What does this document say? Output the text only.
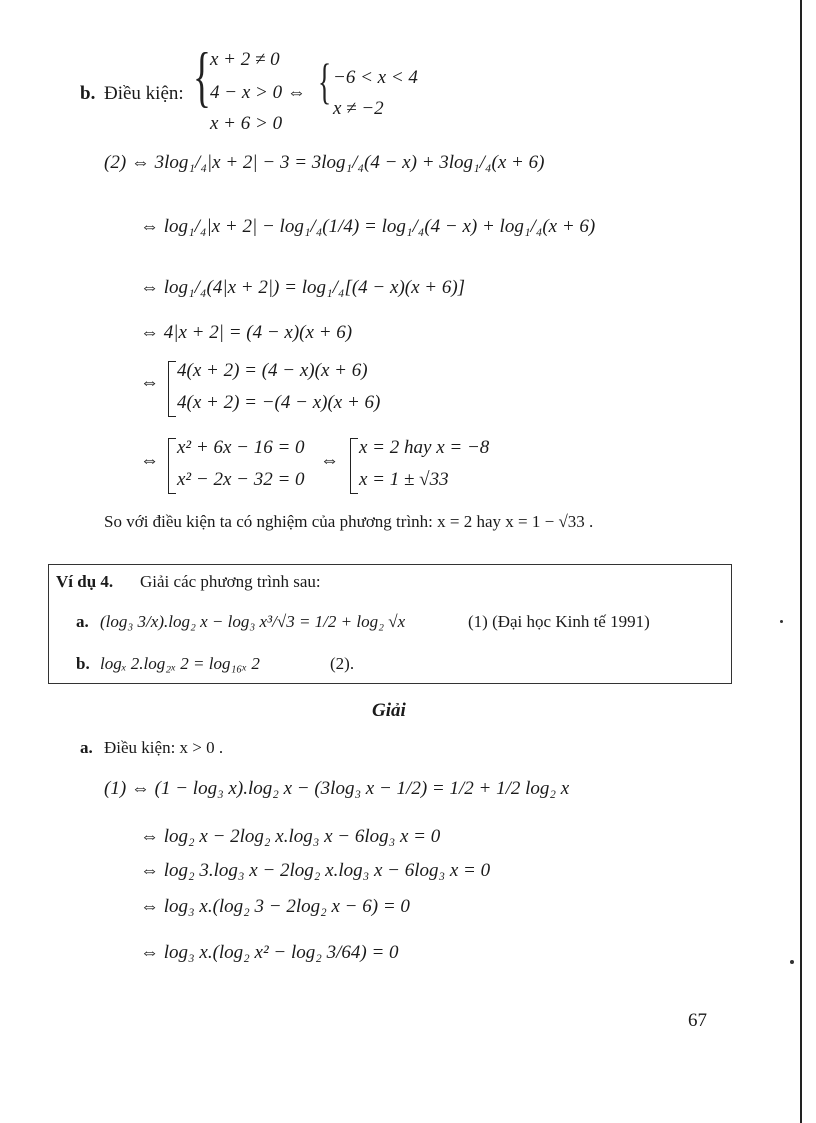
b. Điều kiện: { x + 2 ≠ 0
4 − x > 0 ⇔
x + 6 > 0
{ −6 < x < 4
x ≠ −2
(2) ⇔ 3log₁/₄|x + 2| − 3 = 3log₁/₄(4 − x) + 3log₁/₄(x + 6)
⇔ log₁/₄|x + 2| − log₁/₄(1/4) = log₁/₄(4 − x) + log₁/₄(x + 6)
⇔ log₁/₄(4|x + 2|) = log₁/₄[(4 − x)(x + 6)]
⇔ 4|x + 2| = (4 − x)(x + 6)
⇔
4(x + 2) = (4 − x)(x + 6)
4(x + 2) = −(4 − x)(x + 6)
⇔
x² + 6x − 16 = 0
x² − 2x − 32 = 0
⇔
x = 2 hay x = −8
x = 1 ± √33
So với điều kiện ta có nghiệm của phương trình: x = 2 hay x = 1 − √33 .
Ví dụ 4. Giải các phương trình sau:
a. (log₃ 3/x).log₂ x − log₃ x³/√3 = 1/2 + log₂ √x	(1) (Đại học Kinh tế 1991)
b. logₓ 2.log₂ₓ 2 = log₁₆ₓ 2	(2).
Giải
a. Điều kiện: x > 0 .
(1) ⇔ (1 − log₃ x).log₂ x − (3log₃ x − 1/2) = 1/2 + 1/2 log₂ x
⇔ log₂ x − 2log₂ x.log₃ x − 6log₃ x = 0
⇔ log₂ 3.log₃ x − 2log₂ x.log₃ x − 6log₃ x = 0
⇔ log₃ x.(log₂ 3 − 2log₂ x − 6) = 0
⇔ log₃ x.(log₂ x² − log₂ 3/64) = 0
67
